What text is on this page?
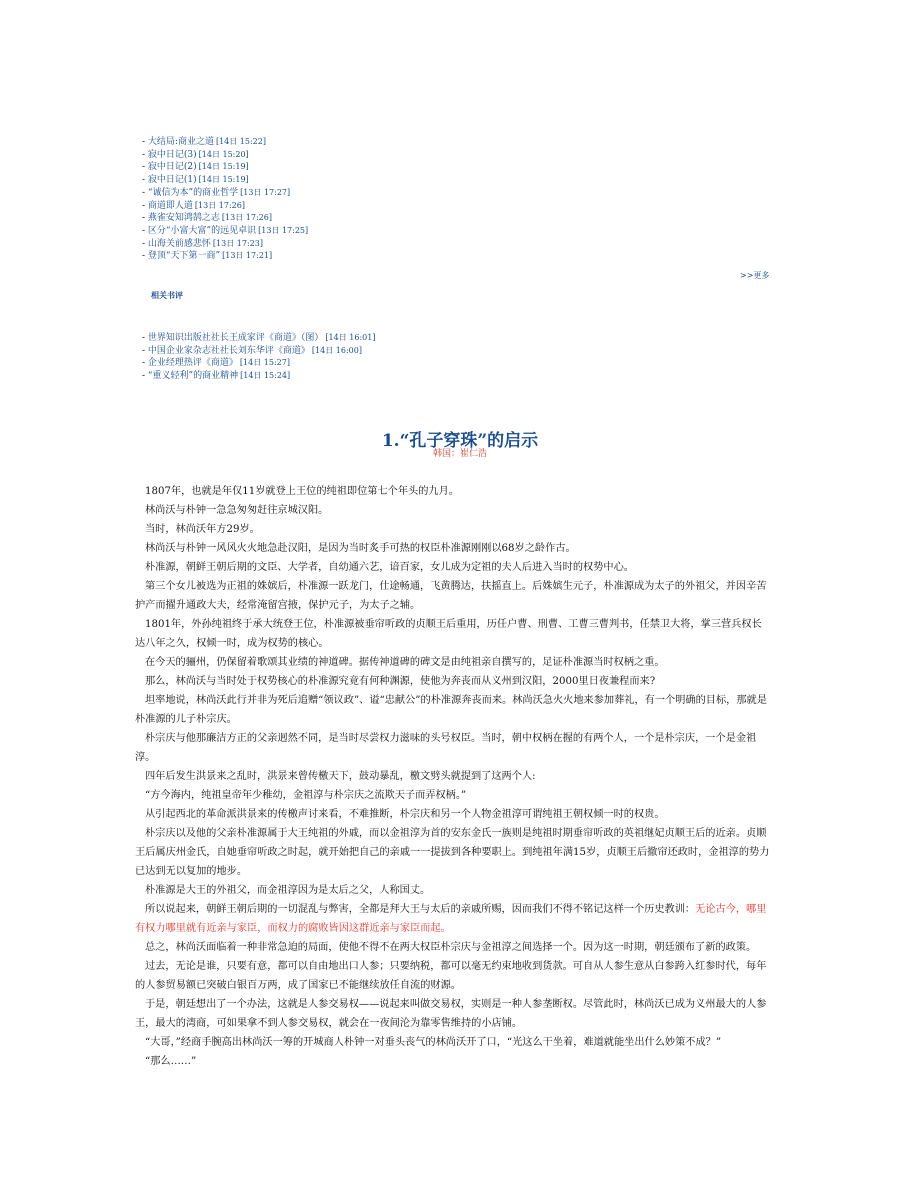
- 大结局:商业之道 [14日 15:22]
- 寂中日记(3) [14日 15:20]
- 寂中日记(2) [14日 15:19]
- 寂中日记(1) [14日 15:19]
- “诚信为本”的商业哲学 [13日 17:27]
- 商道即人道 [13日 17:26]
- 燕雀安知鸿鹄之志 [13日 17:26]
- 区分“小富大富”的远见卓识 [13日 17:25]
- 山海关前感悲怀 [13日 17:23]
- 登顶“天下第一商” [13日 17:21]
>>更多
相关书评
- 世界知识出版社社长王成家评《商道》（图） [14日 16:01]
- 中国企业家杂志社社长刘东华评《商道》 [14日 16:00]
- 企业经理热评《商道》 [14日 15:27]
- “重义轻利”的商业精神 [14日 15:24]
1.“孔子穿珠”的启示
韩国：崔仁浩

1807年，也就是年仅11岁就登上王位的纯祖即位第七个年头的九月。

林尚沃与朴钟一急急匆匆赶往京城汉阳。

当时，林尚沃年方29岁。

林尚沃与朴钟一风风火火地急赴汉阳，是因为当时炙手可热的权臣朴准源刚刚以68岁之龄作古。

朴准源，朝鲜王朝后期的文臣、大学者，自幼通六艺，谙百家，女儿成为定祖的夫人后进入当时的权势中心。

第三个女儿被选为正祖的姝嫔后，朴准源一跃龙门，仕途畅通，飞黄腾达，扶摇直上。后姝嫔生元子，朴准源成为太子的外祖父，并因辛苦护产而擢升通政大夫，经常淹留宫掖，保护元子，为太子之辅。

1801年，外孙纯祖终于承大统登王位，朴准源被垂帘听政的贞顺王后重用，历任户曹、刑曹、工曹三曹判书，任禁卫大将，掌三营兵权长达八年之久，权倾一时，成为权势的核心。

在今天的骊州，仍保留着歌颂其业绩的神道碑。据传神道碑的碑文是由纯祖亲自撰写的，足证朴准源当时权柄之重。

那么，林尚沃与当时处于权势核心的朴准源究竟有何种渊源，使他为奔丧而从义州到汉阳，2000里日夜兼程而来?

坦率地说，林尚沃此行并非为死后追赠“领议政”、谥“忠献公”的朴准源奔丧而来。林尚沃急火火地来参加葬礼，有一个明确的目标，那就是朴准源的儿子朴宗庆。

朴宗庆与他那廉洁方正的父亲迥然不同，是当时尽尝权力滋味的头号权臣。当时，朝中权柄在握的有两个人，一个是朴宗庆，一个是金祖淳。

四年后发生洪景来之乱时，洪景来曾传檄天下，鼓动暴乱，檄文劈头就提到了这两个人:

“方今海内，纯祖皇帝年少稚幼，金祖淳与朴宗庆之流欺天子而弄权柄。”

从引起西北的革命派洪景来的传檄声讨来看，不难推断，朴宗庆和另一个人物金祖淳可谓纯祖王朝权倾一时的权贵。

朴宗庆以及他的父亲朴准源属于大王纯祖的外戚，而以金祖淳为首的安东金氏一族则是纯祖时期垂帘听政的英祖继妃贞顺王后的近亲。贞顺王后属庆州金氏，自她垂帘听政之时起，就开始把自己的亲戚一一提拔到各种要职上。到纯祖年满15岁，贞顺王后撤帘还政时，金祖淳的势力已达到无以复加的地步。

朴准源是大王的外祖父，而金祖淳因为是太后之父，人称国丈。

所以说起来，朝鲜王朝后期的一切混乱与弊害，全都是拜大王与太后的亲戚所赐，因而我们不得不铭记这样一个历史教训：无论古今，哪里有权力哪里就有近亲与家臣，而权力的腐败皆因这群近亲与家臣而起。

总之，林尚沃面临着一种非常急迫的局面，使他不得不在两大权臣朴宗庆与金祖淳之间选择一个。因为这一时期，朝廷颁布了新的政策。

过去，无论是谁，只要有意，都可以自由地出口人参；只要纳税，都可以毫无约束地收到货款。可自从人参生意从白参跨入红参时代，每年的人参贸易额已突破白银百万两，成了国家已不能继续放任自流的财源。

于是，朝廷想出了一个办法，这就是人参交易权——说起来叫做交易权，实则是一种人参垄断权。尽管此时，林尚沃已成为义州最大的人参王，最大的湾商，可如果拿不到人参交易权，就会在一夜间沦为靠零售维持的小店铺。

“大哥，”经商手腕高出林尚沃一筹的开城商人朴钟一对垂头丧气的林尚沃开了口，“光这么干坐着，难道就能坐出什么妙策不成？”

“那么……”
